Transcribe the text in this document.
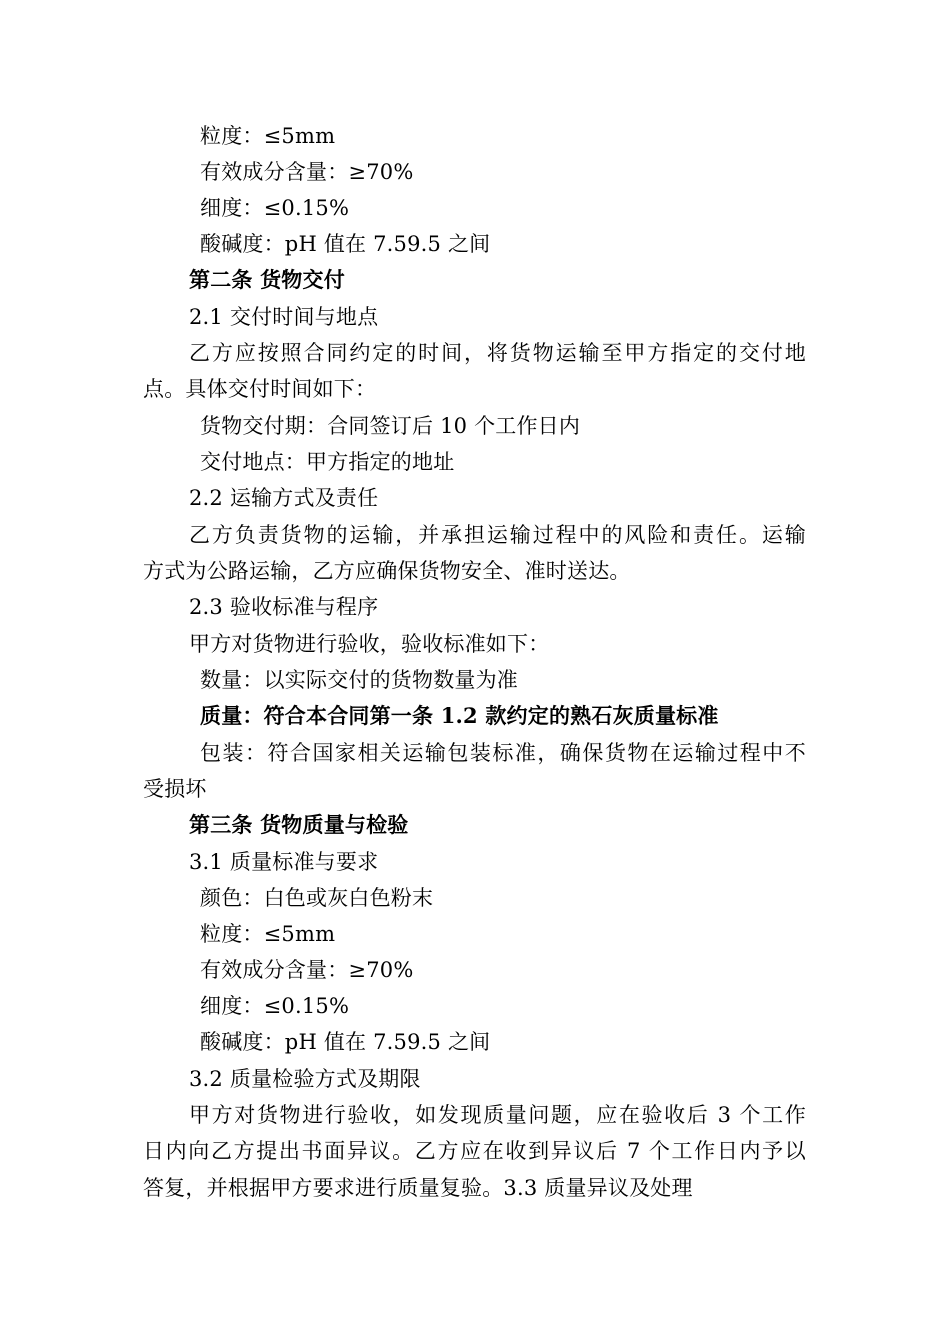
粒度：≤5mm
有效成分含量：≥70%
细度：≤0.15%
酸碱度：pH 值在 7.59.5 之间
第二条 货物交付
2.1 交付时间与地点
乙方应按照合同约定的时间，将货物运输至甲方指定的交付地
点。具体交付时间如下：
货物交付期：合同签订后 10 个工作日内
交付地点：甲方指定的地址
2.2 运输方式及责任
乙方负责货物的运输，并承担运输过程中的风险和责任。运输
方式为公路运输，乙方应确保货物安全、准时送达。
2.3 验收标准与程序
甲方对货物进行验收，验收标准如下：
数量：以实际交付的货物数量为准
质量：符合本合同第一条 1.2 款约定的熟石灰质量标准
包装：符合国家相关运输包装标准，确保货物在运输过程中不
受损坏
第三条 货物质量与检验
3.1 质量标准与要求
颜色：白色或灰白色粉末
粒度：≤5mm
有效成分含量：≥70%
细度：≤0.15%
酸碱度：pH 值在 7.59.5 之间
3.2 质量检验方式及期限
甲方对货物进行验收，如发现质量问题，应在验收后 3 个工作
日内向乙方提出书面异议。乙方应在收到异议后 7 个工作日内予以
答复，并根据甲方要求进行质量复验。3.3 质量异议及处理
